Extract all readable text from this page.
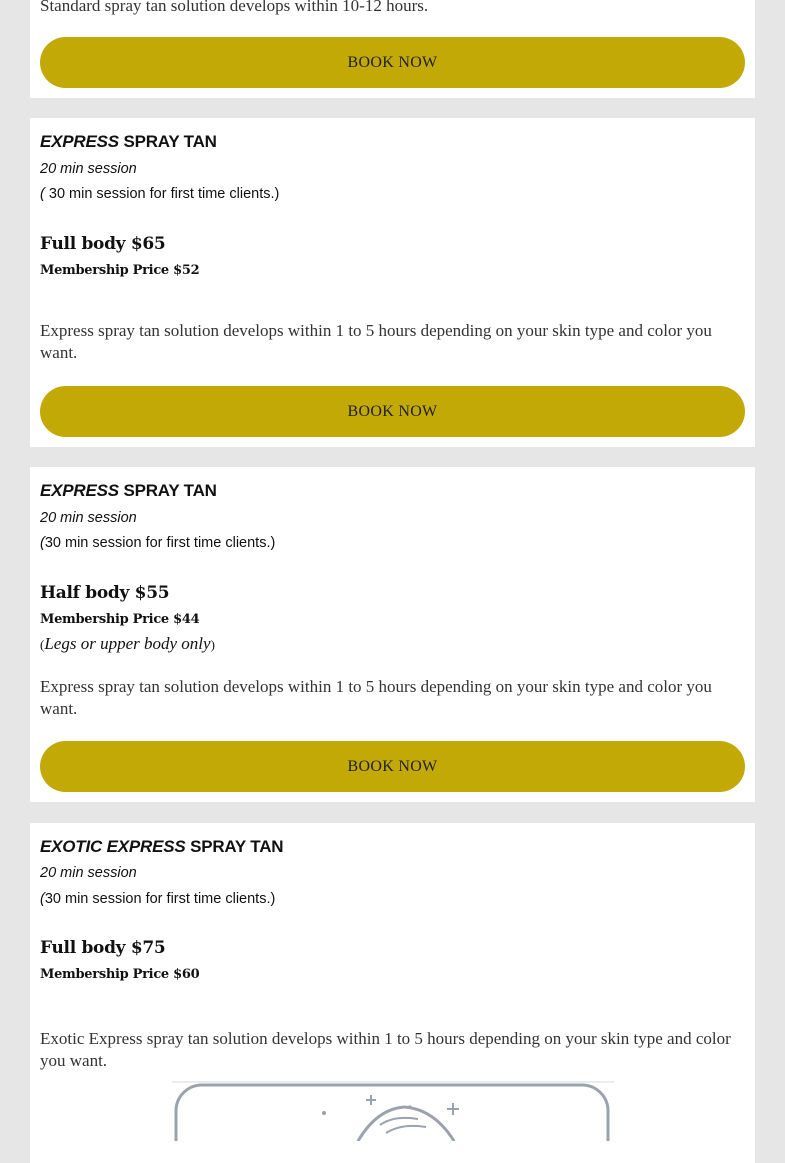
Standard spray tan solution develops within 10-12 hours.

BOOK NOW
EXPRESS SPRAY TAN
20 min session
( 30 min session for first time clients.)
Full body $65
Membership Price $52

Express spray tan solution develops within 1 to 5 hours depending on your skin type and color you want.

BOOK NOW
EXPRESS SPRAY TAN
20 min session
(30 min session for first time clients.)
Half body $55
Membership Price $44
(Legs or upper body only)

Express spray tan solution develops within 1 to 5 hours depending on your skin type and color you want.

BOOK NOW
EXOTIC EXPRESS SPRAY TAN
20 min session
(30 min session for first time clients.)
Full body $75
Membership Price $60

Exotic Express spray tan solution develops within 1 to 5 hours depending on your skin type and color you want.
